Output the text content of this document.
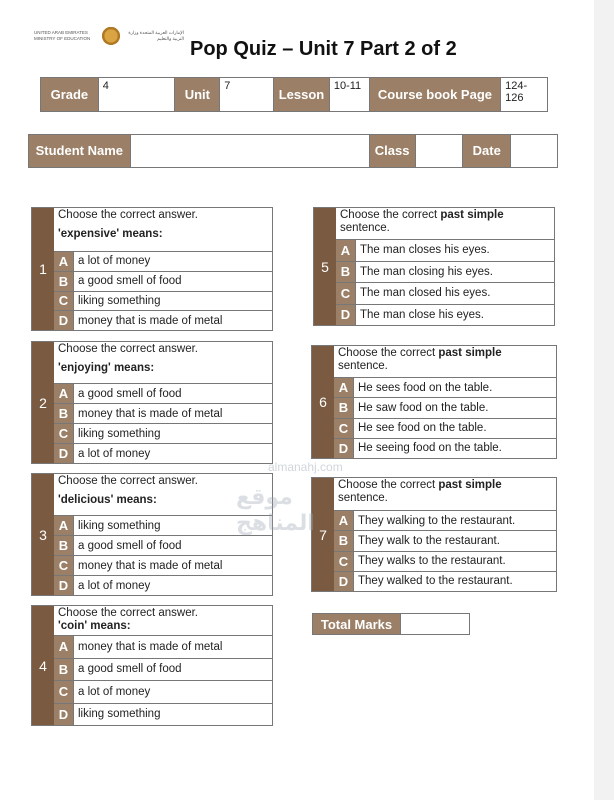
UNITED ARAB EMIRATES MINISTRY OF EDUCATION
الإمارات العربية المتحدة وزارة التربية والتعليم Pop Quiz – Unit 7 Part 2 of 2
Grade
4
Unit
7
Lesson
10-11
Course book Page
124-126
Student Name	Class	Date
1
Choose the correct answer.
'expensive' means:
A a lot of money
B a good smell of food
C liking something
D money that is made of metal
2
Choose the correct answer.
'enjoying' means:
A a good smell of food
B money that is made of metal
C liking something
D a lot of money
3
Choose the correct answer.
'delicious' means:
A liking something
B a good smell of food
C money that is made of metal
D a lot of money
4
Choose the correct answer.
'coin' means:
A money that is made of metal
B a good smell of food
C a lot of money
D liking something
5
Choose the correct past simple sentence.
A The man closes his eyes.
B The man closing his eyes.
C The man closed his eyes.
D The man close his eyes.
6
Choose the correct past simple sentence.
A He sees food on the table.
B He saw food on the table.
C He see food on the table.
D He seeing food on the table.
7
Choose the correct past simple sentence.
A They walking to the restaurant.
B They walk to the restaurant.
C They walks to the restaurant.
D They walked to the restaurant.
Total Marks
almanahj.com
موقع المناهج
